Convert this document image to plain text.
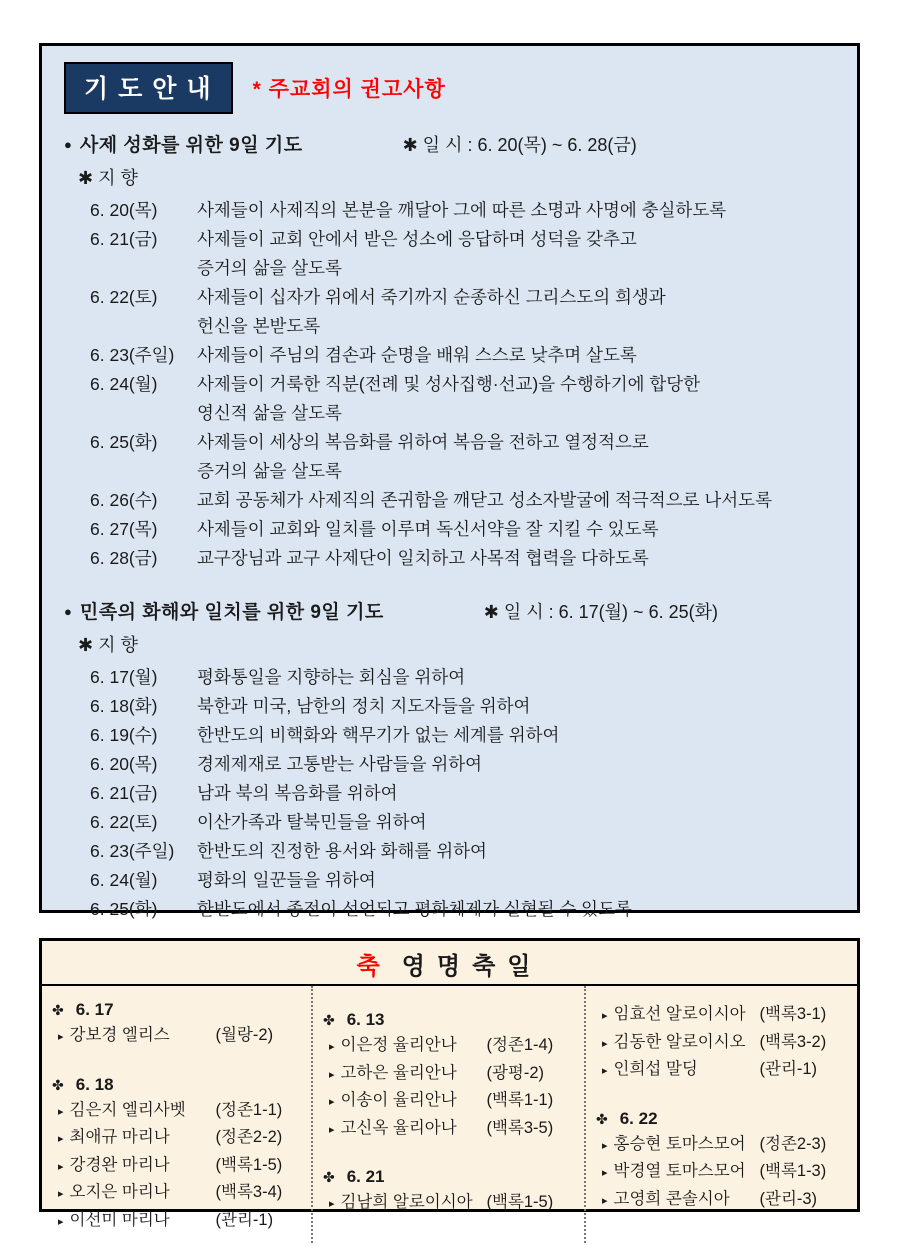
기도안내	* 주교회의 권고사항
● 사제 성화를 위한 9일 기도	✱ 일 시 : 6. 20(목) ~ 6. 28(금)
✱ 지 향
6. 20(목)	사제들이 사제직의 본분을 깨달아 그에 따른 소명과 사명에 충실하도록
6. 21(금)	사제들이 교회 안에서 받은 성소에 응답하며 성덕을 갖추고
증거의 삶을 살도록
6. 22(토)	사제들이 십자가 위에서 죽기까지 순종하신 그리스도의 희생과
헌신을 본받도록
6. 23(주일)	사제들이 주님의 겸손과 순명을 배워 스스로 낮추며 살도록
6. 24(월)	사제들이 거룩한 직분(전례 및 성사집행·선교)을 수행하기에 합당한
영신적 삶을 살도록
6. 25(화)	사제들이 세상의 복음화를 위하여 복음을 전하고 열정적으로
증거의 삶을 살도록
6. 26(수)	교회 공동체가 사제직의 존귀함을 깨닫고 성소자발굴에 적극적으로 나서도록
6. 27(목)	사제들이 교회와 일치를 이루며 독신서약을 잘 지킬 수 있도록
6. 28(금)	교구장님과 교구 사제단이 일치하고 사목적 협력을 다하도록
● 민족의 화해와 일치를 위한 9일 기도	✱ 일 시 : 6. 17(월) ~ 6. 25(화)
✱ 지 향
6. 17(월)	평화통일을 지향하는 회심을 위하여
6. 18(화)	북한과 미국, 남한의 정치 지도자들을 위하여
6. 19(수)	한반도의 비핵화와 핵무기가 없는 세계를 위하여
6. 20(목)	경제제재로 고통받는 사람들을 위하여
6. 21(금)	남과 북의 복음화를 위하여
6. 22(토)	이산가족과 탈북민들을 위하여
6. 23(주일)	한반도의 진정한 용서와 화해를 위하여
6. 24(월)	평화의 일꾼들을 위하여
6. 25(화)	한반도에서 종전이 선언되고 평화체제가 실현될 수 있도록
축 영명축일
✤ 6. 17
▸ 강보경 엘리스	(월랑-2)
✤ 6. 18
▸ 김은지 엘리사벳	(정존1-1)
▸ 최애규 마리나	(정존2-2)
▸ 강경완 마리나	(백록1-5)
▸ 오지은 마리나	(백록3-4)
▸ 이선미 마리나	(관리-1)
✤ 6. 13
▸ 이은정 율리안나	(정존1-4)
▸ 고하은 율리안나	(광평-2)
▸ 이송이 율리안나	(백록1-1)
▸ 고신옥 율리아나	(백록3-5)
✤ 6. 21
▸ 김남희 알로이시아 (백록1-5)
▸ 임효선 알로이시아 (백록3-1)
▸ 김동한 알로이시오 (백록3-2)
▸ 인희섭 말딩	(관리-1)
✤ 6. 22
▸ 홍승현 토마스모어 (정존2-3)
▸ 박경열 토마스모어 (백록1-3)
▸ 고영희 콘솔시아	(관리-3)
